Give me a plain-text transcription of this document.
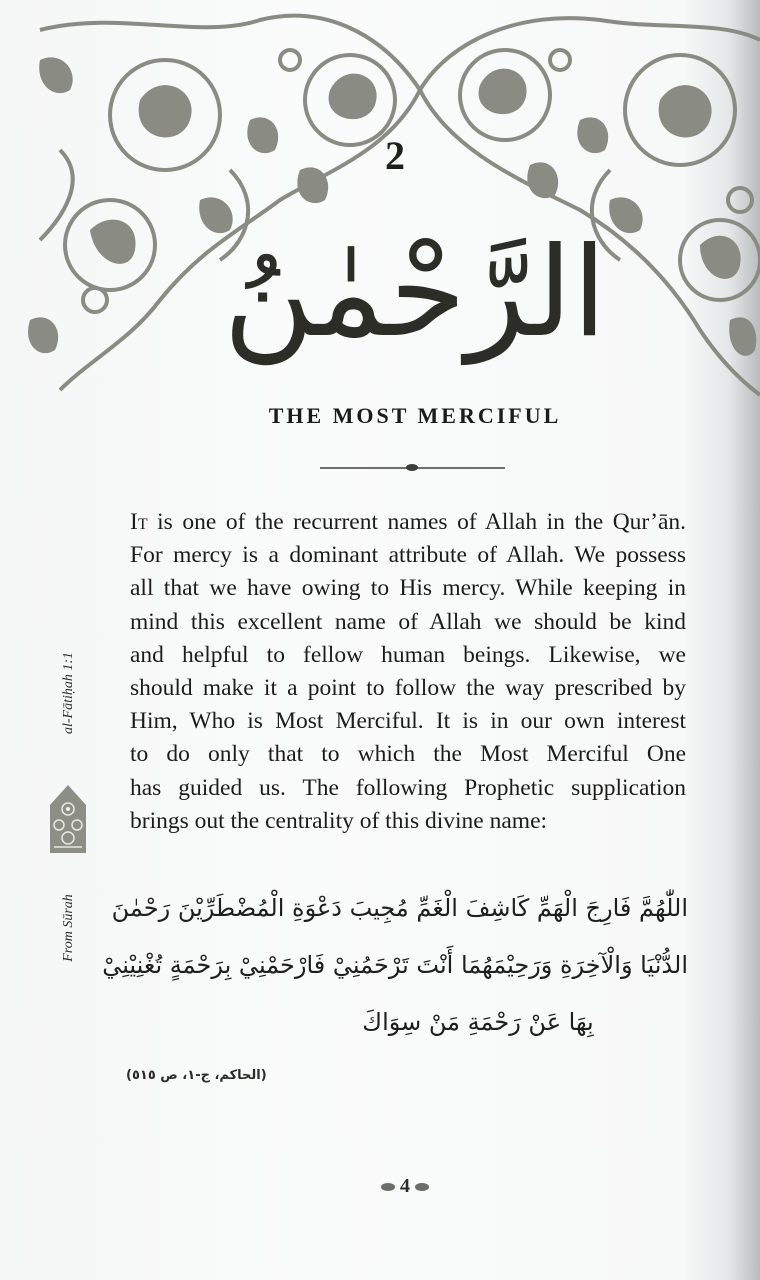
2
الرَّحْمٰنُ
THE MOST MERCIFUL
It is one of the recurrent names of Allah in the Qur’ān.
For mercy is a dominant attribute of Allah. We possess
all that we have owing to His mercy. While keeping in
mind this excellent name of Allah we should be kind
and helpful to fellow human beings. Likewise, we
should make it a point to follow the way prescribed by
Him, Who is Most Merciful. It is in our own interest
to do only that to which the Most Merciful One
has guided us. The following Prophetic supplication
brings out the centrality of this divine name:
اللّٰهُمَّ فَارِجَ الْهَمِّ كَاشِفَ الْغَمِّ مُجِيبَ دَعْوَةِ الْمُضْطَرِّيْنَ رَحْمٰنَ
الدُّنْيَا وَالْآخِرَةِ وَرَحِيْمَهُمَا أَنْتَ تَرْحَمُنِيْ فَارْحَمْنِيْ بِرَحْمَةٍ تُغْنِيْنِيْ
بِهَا عَنْ رَحْمَةِ مَنْ سِوَاكَ
(الحاكم، ج-١، ص ٥١٥)
al-Fātiḥah 1:1
From Sūrah
4
